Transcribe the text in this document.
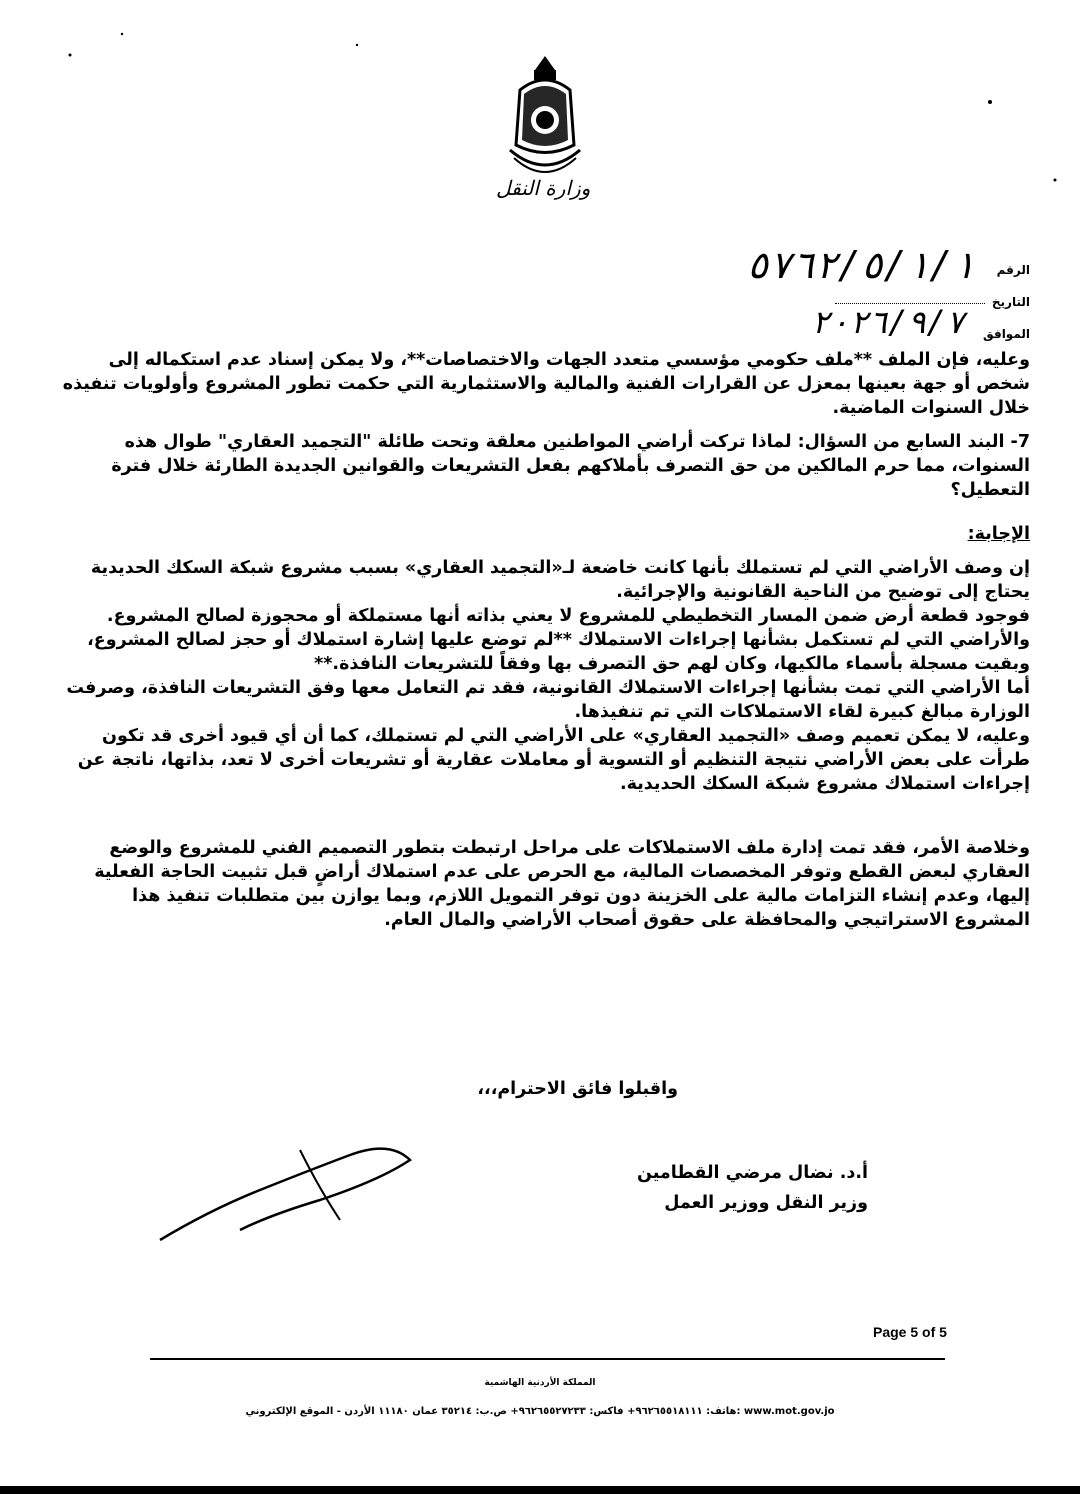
وزارة النقل
الرقم
٥٧٦٢/٥/١/١
التاريخ
الموافق
٢٠٢٦/٩/٧

وعليه، فإن الملف **ملف حكومي مؤسسي متعدد الجهات والاختصاصات**، ولا يمكن إسناد عدم استكماله إلى شخص أو جهة بعينها بمعزل عن القرارات الفنية والمالية والاستثمارية التي حكمت تطور المشروع وأولويات تنفيذه خلال السنوات الماضية.

7- البند السابع من السؤال: لماذا تركت أراضي المواطنين معلقة وتحت طائلة "التجميد العقاري" طوال هذه السنوات، مما حرم المالكين من حق التصرف بأملاكهم بفعل التشريعات والقوانين الجديدة الطارئة خلال فترة التعطيل؟

الإجابة:

إن وصف الأراضي التي لم تستملك بأنها كانت خاضعة لـ«التجميد العقاري» بسبب مشروع شبكة السكك الحديدية يحتاج إلى توضيح من الناحية القانونية والإجرائية.

فوجود قطعة أرض ضمن المسار التخطيطي للمشروع لا يعني بذاته أنها مستملكة أو محجوزة لصالح المشروع. والأراضي التي لم تستكمل بشأنها إجراءات الاستملاك **لم توضع عليها إشارة استملاك أو حجز لصالح المشروع، وبقيت مسجلة بأسماء مالكيها، وكان لهم حق التصرف بها وفقاً للتشريعات النافذة.**

أما الأراضي التي تمت بشأنها إجراءات الاستملاك القانونية، فقد تم التعامل معها وفق التشريعات النافذة، وصرفت الوزارة مبالغ كبيرة لقاء الاستملاكات التي تم تنفيذها.

وعليه، لا يمكن تعميم وصف «التجميد العقاري» على الأراضي التي لم تستملك، كما أن أي قيود أخرى قد تكون طرأت على بعض الأراضي نتيجة التنظيم أو التسوية أو معاملات عقارية أو تشريعات أخرى لا تعد، بذاتها، ناتجة عن إجراءات استملاك مشروع شبكة السكك الحديدية.

وخلاصة الأمر، فقد تمت إدارة ملف الاستملاكات على مراحل ارتبطت بتطور التصميم الفني للمشروع والوضع العقاري لبعض القطع وتوفر المخصصات المالية، مع الحرص على عدم استملاك أراضٍ قبل تثبيت الحاجة الفعلية إليها، وعدم إنشاء التزامات مالية على الخزينة دون توفر التمويل اللازم، وبما يوازن بين متطلبات تنفيذ هذا المشروع الاستراتيجي والمحافظة على حقوق أصحاب الأراضي والمال العام.

واقبلوا فائق الاحترام،،،
أ.د. نضال مرضي القطامين
وزير النقل ووزير العمل
Page 5 of 5
المملكة الأردنية الهاشمية
هاتف: ٩٦٢٦٥٥١٨١١١+ فاكس: ٩٦٢٦٥٥٢٧٢٣٣+ ص.ب: ٣٥٢١٤ عمان ١١١٨٠ الأردن - الموقع الإلكتروني: www.mot.gov.jo
